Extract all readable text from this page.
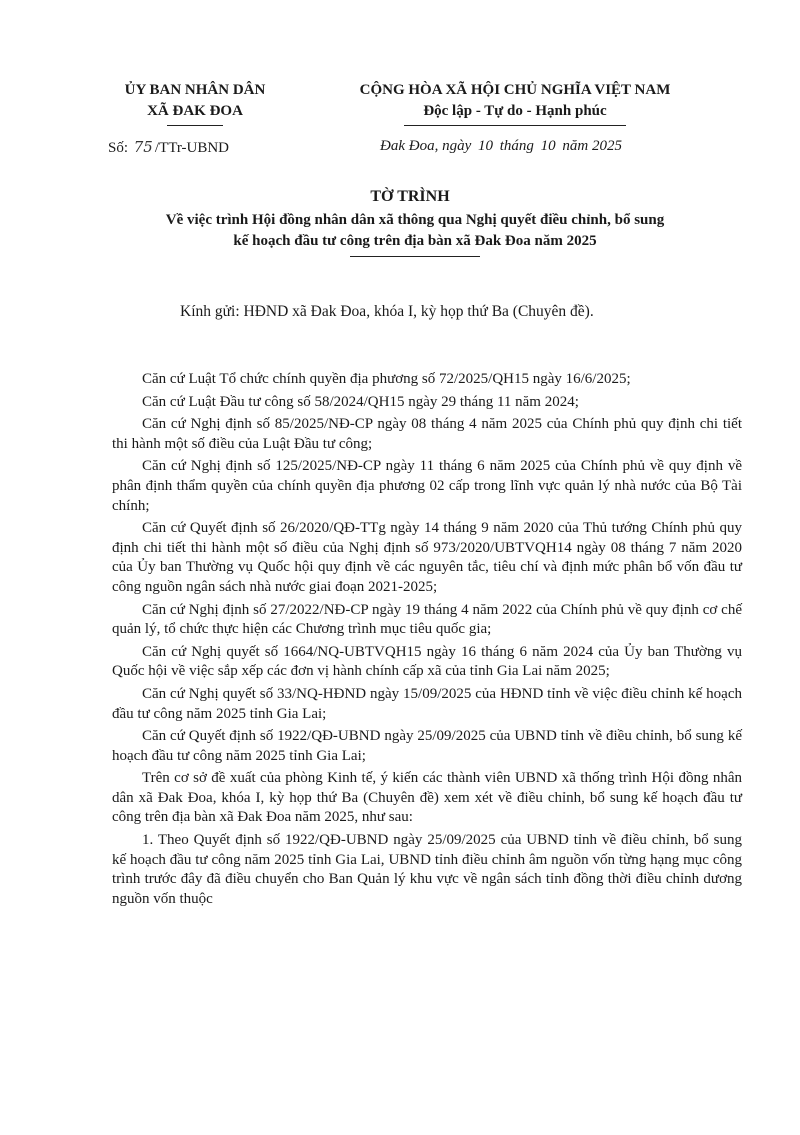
ỦY BAN NHÂN DÂN
XÃ ĐAK ĐOA
CỘNG HÒA XÃ HỘI CHỦ NGHĨA VIỆT NAM
Độc lập - Tự do - Hạnh phúc
Số: 75 /TTr-UBND	Đak Đoa, ngày 10 tháng 10 năm 2025
TỜ TRÌNH
Về việc trình Hội đồng nhân dân xã thông qua Nghị quyết điều chỉnh, bổ sung
kế hoạch đầu tư công trên địa bàn xã Đak Đoa năm 2025
Kính gửi: HĐND xã Đak Đoa, khóa I, kỳ họp thứ Ba (Chuyên đề).

Căn cứ Luật Tổ chức chính quyền địa phương số 72/2025/QH15 ngày 16/6/2025;

Căn cứ Luật Đầu tư công số 58/2024/QH15 ngày 29 tháng 11 năm 2024;

Căn cứ Nghị định số 85/2025/NĐ-CP ngày 08 tháng 4 năm 2025 của Chính phủ quy định chi tiết thi hành một số điều của Luật Đầu tư công;

Căn cứ Nghị định số 125/2025/NĐ-CP ngày 11 tháng 6 năm 2025 của Chính phủ về quy định về phân định thẩm quyền của chính quyền địa phương 02 cấp trong lĩnh vực quản lý nhà nước của Bộ Tài chính;

Căn cứ Quyết định số 26/2020/QĐ-TTg ngày 14 tháng 9 năm 2020 của Thủ tướng Chính phủ quy định chi tiết thi hành một số điều của Nghị định số 973/2020/UBTVQH14 ngày 08 tháng 7 năm 2020 của Ủy ban Thường vụ Quốc hội quy định về các nguyên tắc, tiêu chí và định mức phân bổ vốn đầu tư công nguồn ngân sách nhà nước giai đoạn 2021-2025;

Căn cứ Nghị định số 27/2022/NĐ-CP ngày 19 tháng 4 năm 2022 của Chính phủ về quy định cơ chế quản lý, tổ chức thực hiện các Chương trình mục tiêu quốc gia;

Căn cứ Nghị quyết số 1664/NQ-UBTVQH15 ngày 16 tháng 6 năm 2024 của Ủy ban Thường vụ Quốc hội về việc sắp xếp các đơn vị hành chính cấp xã của tỉnh Gia Lai năm 2025;

Căn cứ Nghị quyết số 33/NQ-HĐND ngày 15/09/2025 của HĐND tỉnh về việc điều chỉnh kế hoạch đầu tư công năm 2025 tỉnh Gia Lai;

Căn cứ Quyết định số 1922/QĐ-UBND ngày 25/09/2025 của UBND tỉnh về điều chỉnh, bổ sung kế hoạch đầu tư công năm 2025 tỉnh Gia Lai;

Trên cơ sở đề xuất của phòng Kinh tế, ý kiến các thành viên UBND xã thống trình Hội đồng nhân dân xã Đak Đoa, khóa I, kỳ họp thứ Ba (Chuyên đề) xem xét về điều chỉnh, bổ sung kế hoạch đầu tư công trên địa bàn xã Đak Đoa năm 2025, như sau:

1. Theo Quyết định số 1922/QĐ-UBND ngày 25/09/2025 của UBND tỉnh về điều chỉnh, bổ sung kế hoạch đầu tư công năm 2025 tỉnh Gia Lai, UBND tỉnh điều chỉnh âm nguồn vốn từng hạng mục công trình trước đây đã điều chuyển cho Ban Quản lý khu vực về ngân sách tỉnh đồng thời điều chỉnh dương nguồn vốn thuộc
